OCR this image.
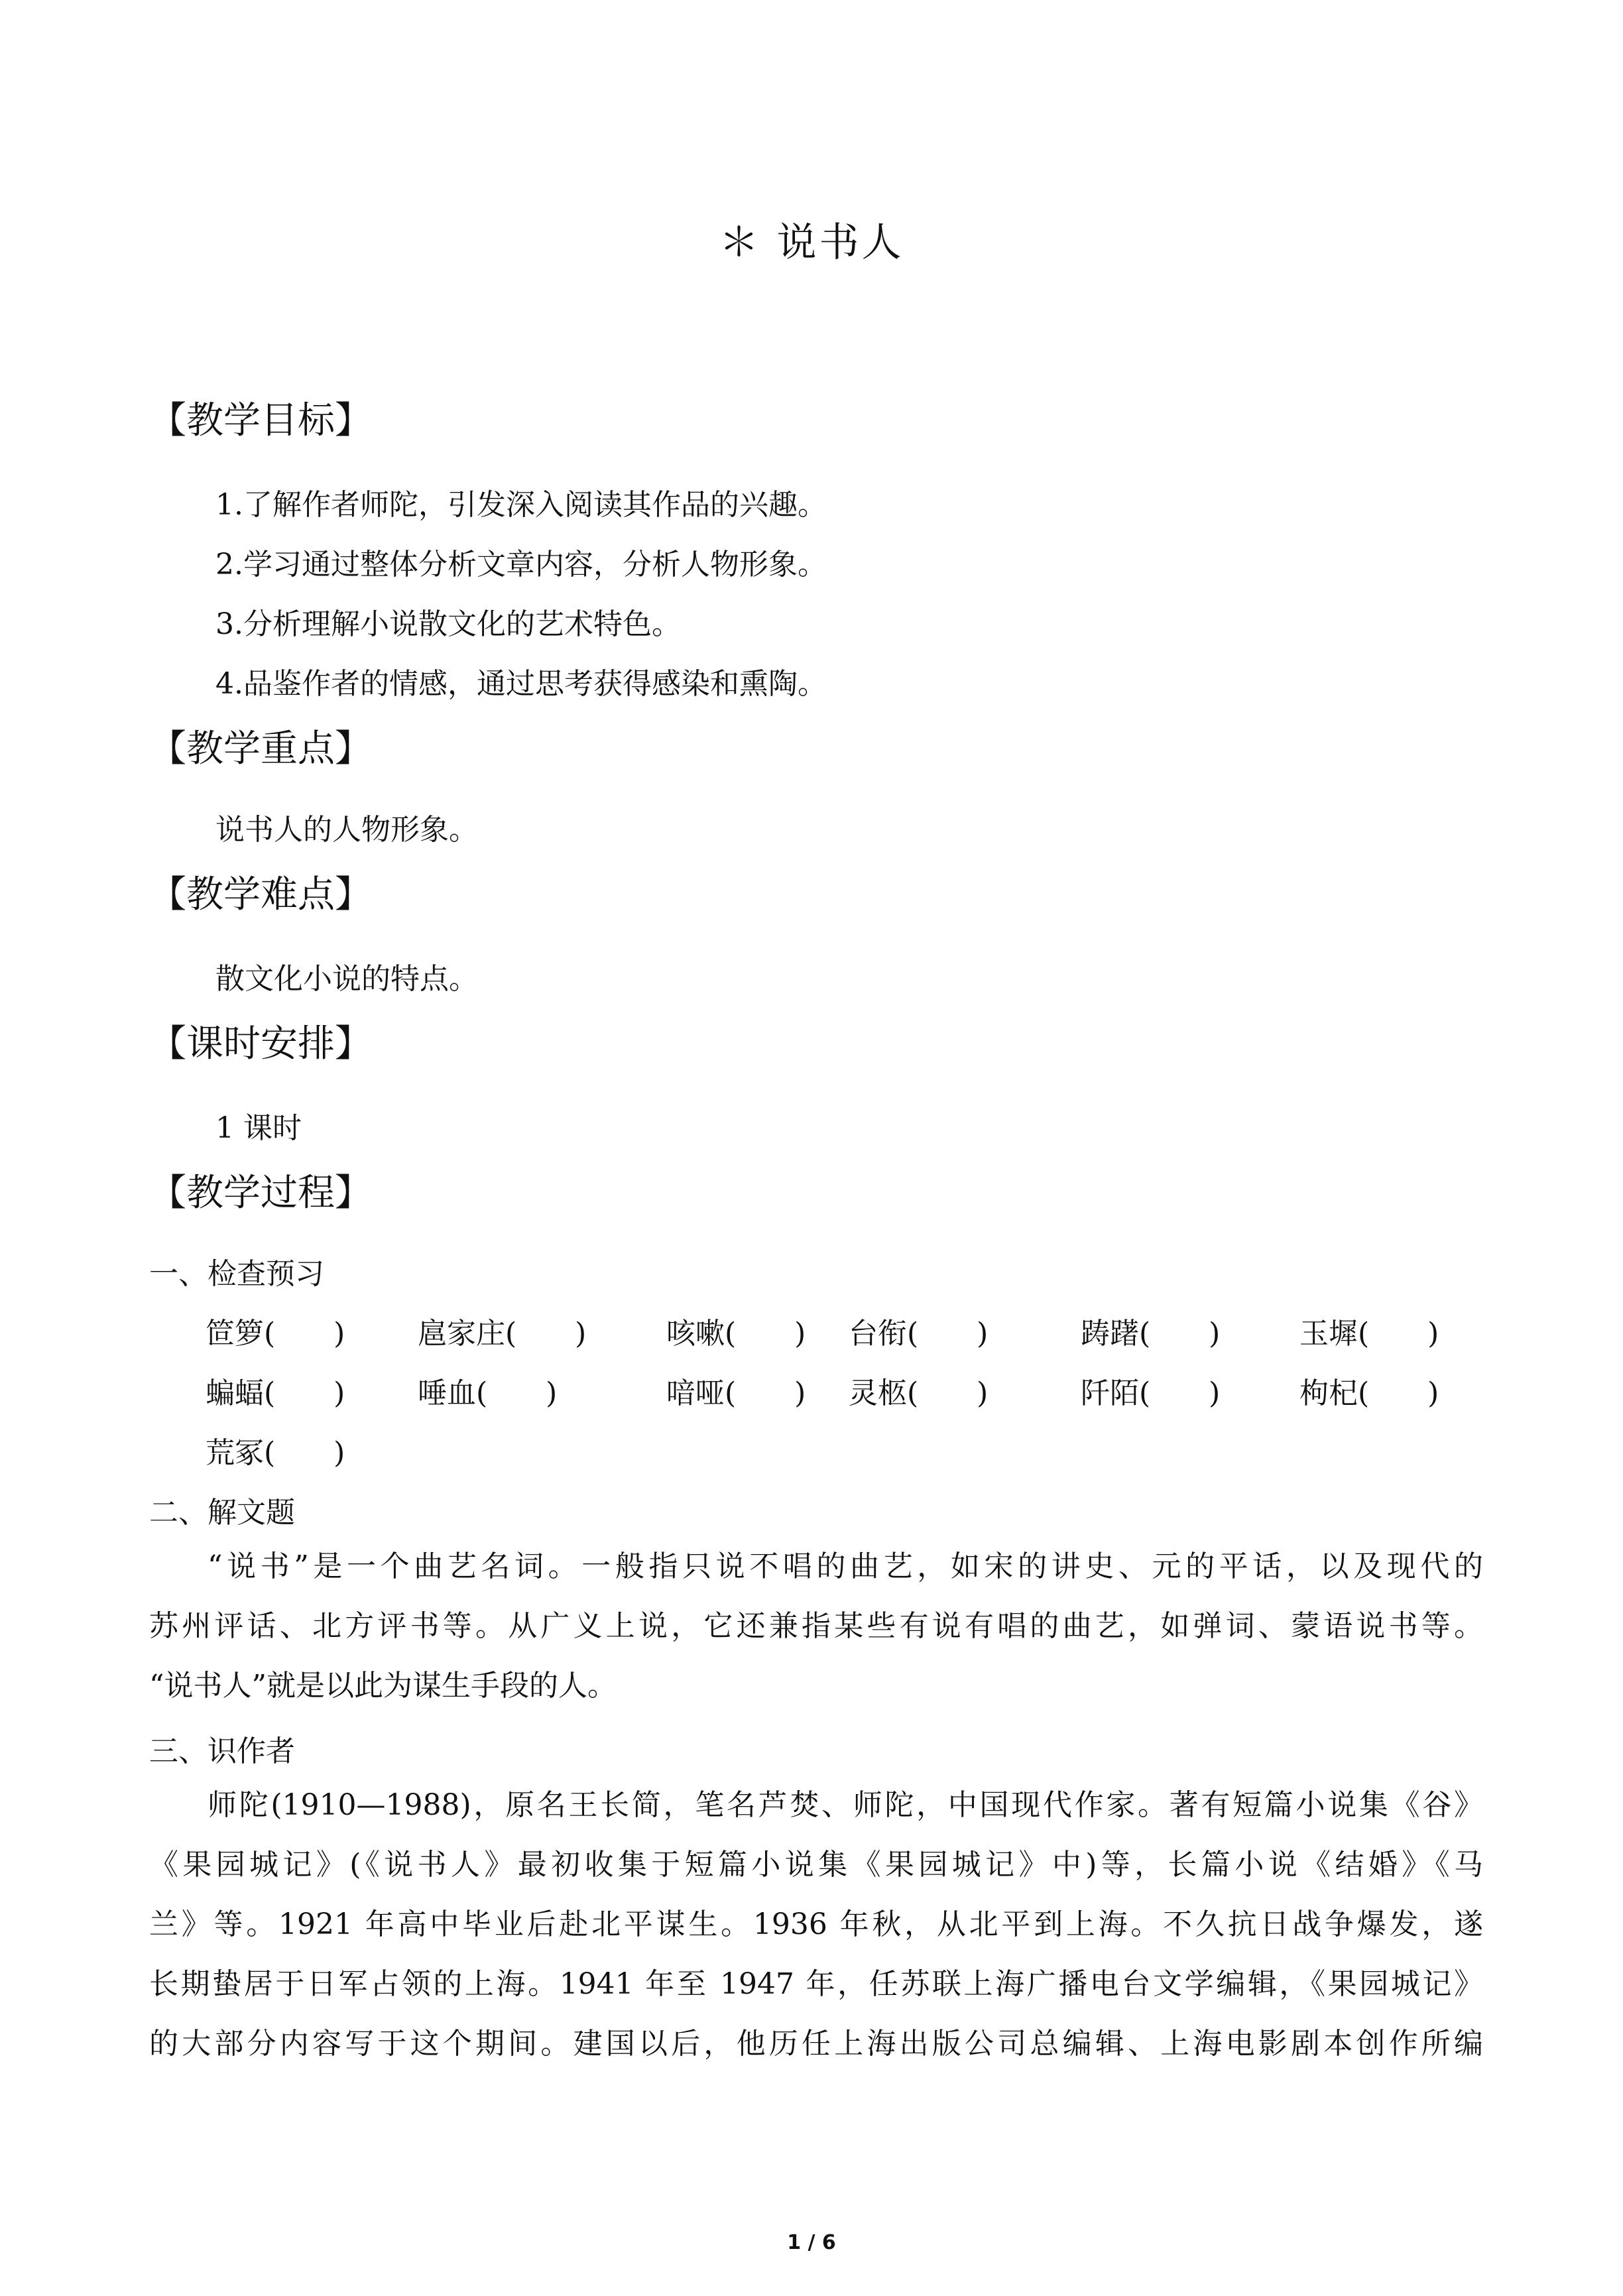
＊ 说书人
【教学目标】
1.了解作者师陀，引发深入阅读其作品的兴趣。
2.学习通过整体分析文章内容，分析人物形象。
3.分析理解小说散文化的艺术特色。
4.品鉴作者的情感，通过思考获得感染和熏陶。
【教学重点】
说书人的人物形象。
【教学难点】
散文化小说的特点。
【课时安排】
1 课时
【教学过程】
一、检查预习
笸箩(　　) 扈家庄(　　)	咳嗽(　　) 台衔(　　)	踌躇(　　)	玉墀(　　)
蝙蝠(　　) 唾血(　　)	喑哑(　　) 灵柩(　　)	阡陌(　　)	枸杞(　　)
荒冢(　　)
二、解文题
“说书”是一个曲艺名词。一般指只说不唱的曲艺，如宋的讲史、元的平话，以及现代的
苏州评话、北方评书等。从广义上说，它还兼指某些有说有唱的曲艺，如弹词、蒙语说书等。
“说书人”就是以此为谋生手段的人。
三、识作者
师陀(1910—1988)，原名王长简，笔名芦焚、师陀，中国现代作家。著有短篇小说集《谷》
《果园城记》(《说书人》最初收集于短篇小说集《果园城记》中)等，长篇小说《结婚》《马
兰》等。1921 年高中毕业后赴北平谋生。1936 年秋，从北平到上海。不久抗日战争爆发，遂
长期蛰居于日军占领的上海。1941 年至 1947 年，任苏联上海广播电台文学编辑，《果园城记》
的大部分内容写于这个期间。建国以后，他历任上海出版公司总编辑、上海电影剧本创作所编
1 / 6
